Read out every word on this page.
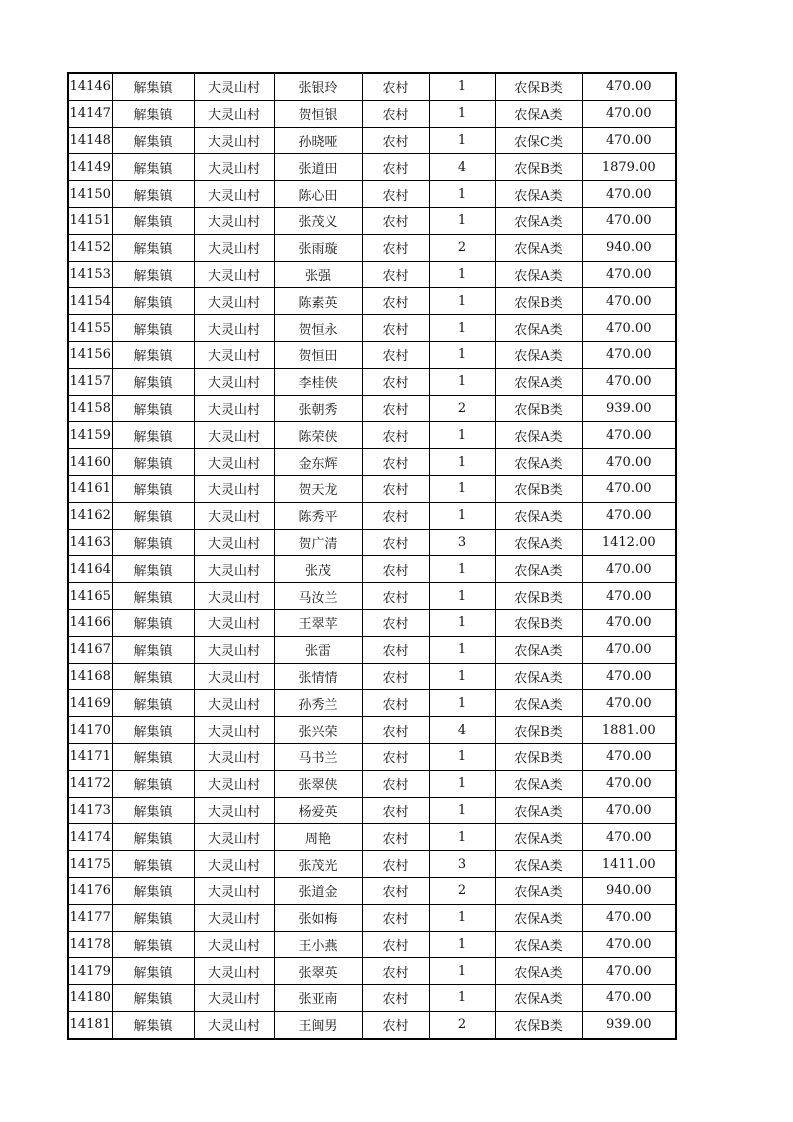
14146	解集镇	大灵山村	张银玲	农村	1	农保B类	470.00
14147	解集镇	大灵山村	贺恒银	农村	1	农保A类	470.00
14148	解集镇	大灵山村	孙晓哑	农村	1	农保C类	470.00
14149	解集镇	大灵山村	张道田	农村	4	农保B类	1879.00
14150	解集镇	大灵山村	陈心田	农村	1	农保A类	470.00
14151	解集镇	大灵山村	张茂义	农村	1	农保A类	470.00
14152	解集镇	大灵山村	张雨璇	农村	2	农保A类	940.00
14153	解集镇	大灵山村	张强	农村	1	农保A类	470.00
14154	解集镇	大灵山村	陈素英	农村	1	农保B类	470.00
14155	解集镇	大灵山村	贺恒永	农村	1	农保A类	470.00
14156	解集镇	大灵山村	贺恒田	农村	1	农保A类	470.00
14157	解集镇	大灵山村	李桂侠	农村	1	农保A类	470.00
14158	解集镇	大灵山村	张朝秀	农村	2	农保B类	939.00
14159	解集镇	大灵山村	陈荣侠	农村	1	农保A类	470.00
14160	解集镇	大灵山村	金东辉	农村	1	农保A类	470.00
14161	解集镇	大灵山村	贺天龙	农村	1	农保B类	470.00
14162	解集镇	大灵山村	陈秀平	农村	1	农保A类	470.00
14163	解集镇	大灵山村	贺广清	农村	3	农保A类	1412.00
14164	解集镇	大灵山村	张茂	农村	1	农保A类	470.00
14165	解集镇	大灵山村	马汝兰	农村	1	农保B类	470.00
14166	解集镇	大灵山村	王翠苹	农村	1	农保B类	470.00
14167	解集镇	大灵山村	张雷	农村	1	农保A类	470.00
14168	解集镇	大灵山村	张情情	农村	1	农保A类	470.00
14169	解集镇	大灵山村	孙秀兰	农村	1	农保A类	470.00
14170	解集镇	大灵山村	张兴荣	农村	4	农保B类	1881.00
14171	解集镇	大灵山村	马书兰	农村	1	农保B类	470.00
14172	解集镇	大灵山村	张翠侠	农村	1	农保A类	470.00
14173	解集镇	大灵山村	杨爱英	农村	1	农保A类	470.00
14174	解集镇	大灵山村	周艳	农村	1	农保A类	470.00
14175	解集镇	大灵山村	张茂光	农村	3	农保A类	1411.00
14176	解集镇	大灵山村	张道金	农村	2	农保A类	940.00
14177	解集镇	大灵山村	张如梅	农村	1	农保A类	470.00
14178	解集镇	大灵山村	王小燕	农村	1	农保A类	470.00
14179	解集镇	大灵山村	张翠英	农村	1	农保A类	470.00
14180	解集镇	大灵山村	张亚南	农村	1	农保A类	470.00
14181	解集镇	大灵山村	王闽男	农村	2	农保B类	939.00
